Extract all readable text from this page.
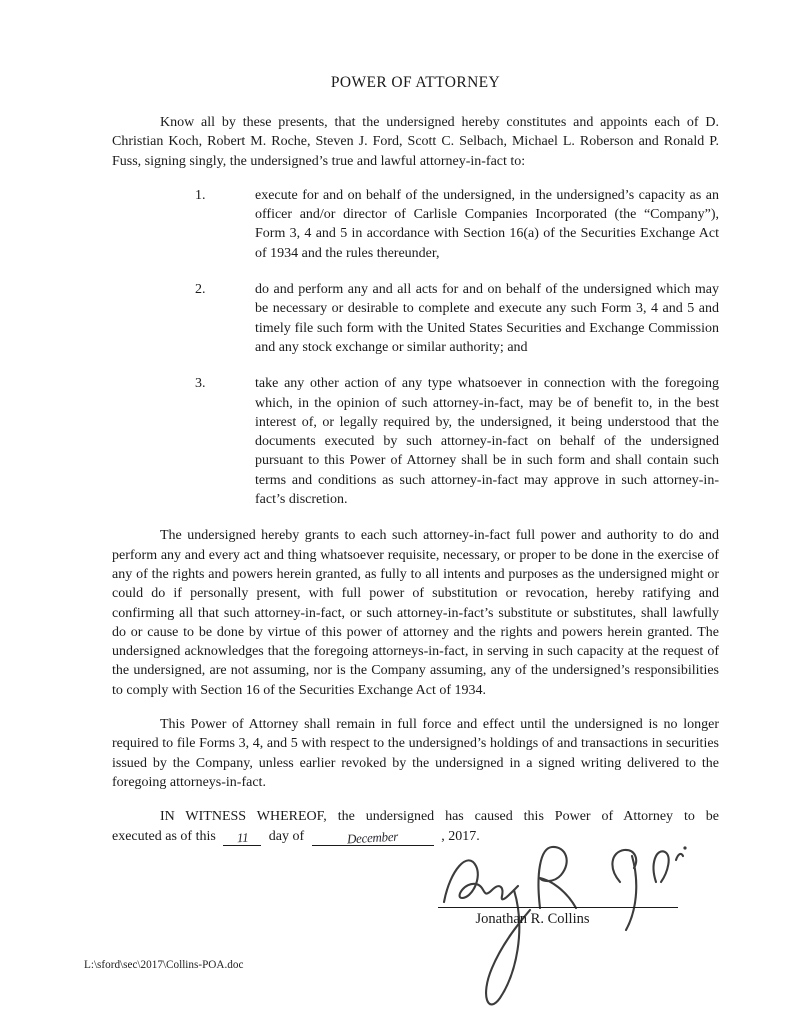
POWER OF ATTORNEY

Know all by these presents, that the undersigned hereby constitutes and appoints each of D. Christian Koch, Robert M. Roche, Steven J. Ford, Scott C. Selbach, Michael L. Roberson and Ronald P. Fuss, signing singly, the undersigned’s true and lawful attorney-in-fact to:

1.	execute for and on behalf of the undersigned, in the undersigned’s capacity as an officer and/or director of Carlisle Companies Incorporated (the “Company”), Form 3, 4 and 5 in accordance with Section 16(a) of the Securities Exchange Act of 1934 and the rules thereunder,
2.	do and perform any and all acts for and on behalf of the undersigned which may be necessary or desirable to complete and execute any such Form 3, 4 and 5 and timely file such form with the United States Securities and Exchange Commission and any stock exchange or similar authority; and
3.	take any other action of any type whatsoever in connection with the foregoing which, in the opinion of such attorney-in-fact, may be of benefit to, in the best interest of, or legally required by, the undersigned, it being understood that the documents executed by such attorney-in-fact on behalf of the undersigned pursuant to this Power of Attorney shall be in such form and shall contain such terms and conditions as such attorney-in-fact may approve in such attorney-in-fact’s discretion.

The undersigned hereby grants to each such attorney-in-fact full power and authority to do and perform any and every act and thing whatsoever requisite, necessary, or proper to be done in the exercise of any of the rights and powers herein granted, as fully to all intents and purposes as the undersigned might or could do if personally present, with full power of substitution or revocation, hereby ratifying and confirming all that such attorney-in-fact, or such attorney-in-fact’s substitute or substitutes, shall lawfully do or cause to be done by virtue of this power of attorney and the rights and powers herein granted. The undersigned acknowledges that the foregoing attorneys-in-fact, in serving in such capacity at the request of the undersigned, are not assuming, nor is the Company assuming, any of the undersigned’s responsibilities to comply with Section 16 of the Securities Exchange Act of 1934.

This Power of Attorney shall remain in full force and effect until the undersigned is no longer required to file Forms 3, 4, and 5 with respect to the undersigned’s holdings of and transactions in securities issued by the Company, unless earlier revoked by the undersigned in a signed writing delivered to the foregoing attorneys-in-fact.

IN WITNESS WHEREOF, the undersigned has caused this Power of Attorney to be
executed as of this 11 day of	December	, 2017.
Jonathan R. Collins
L:\sford\sec\2017\Collins-POA.doc
